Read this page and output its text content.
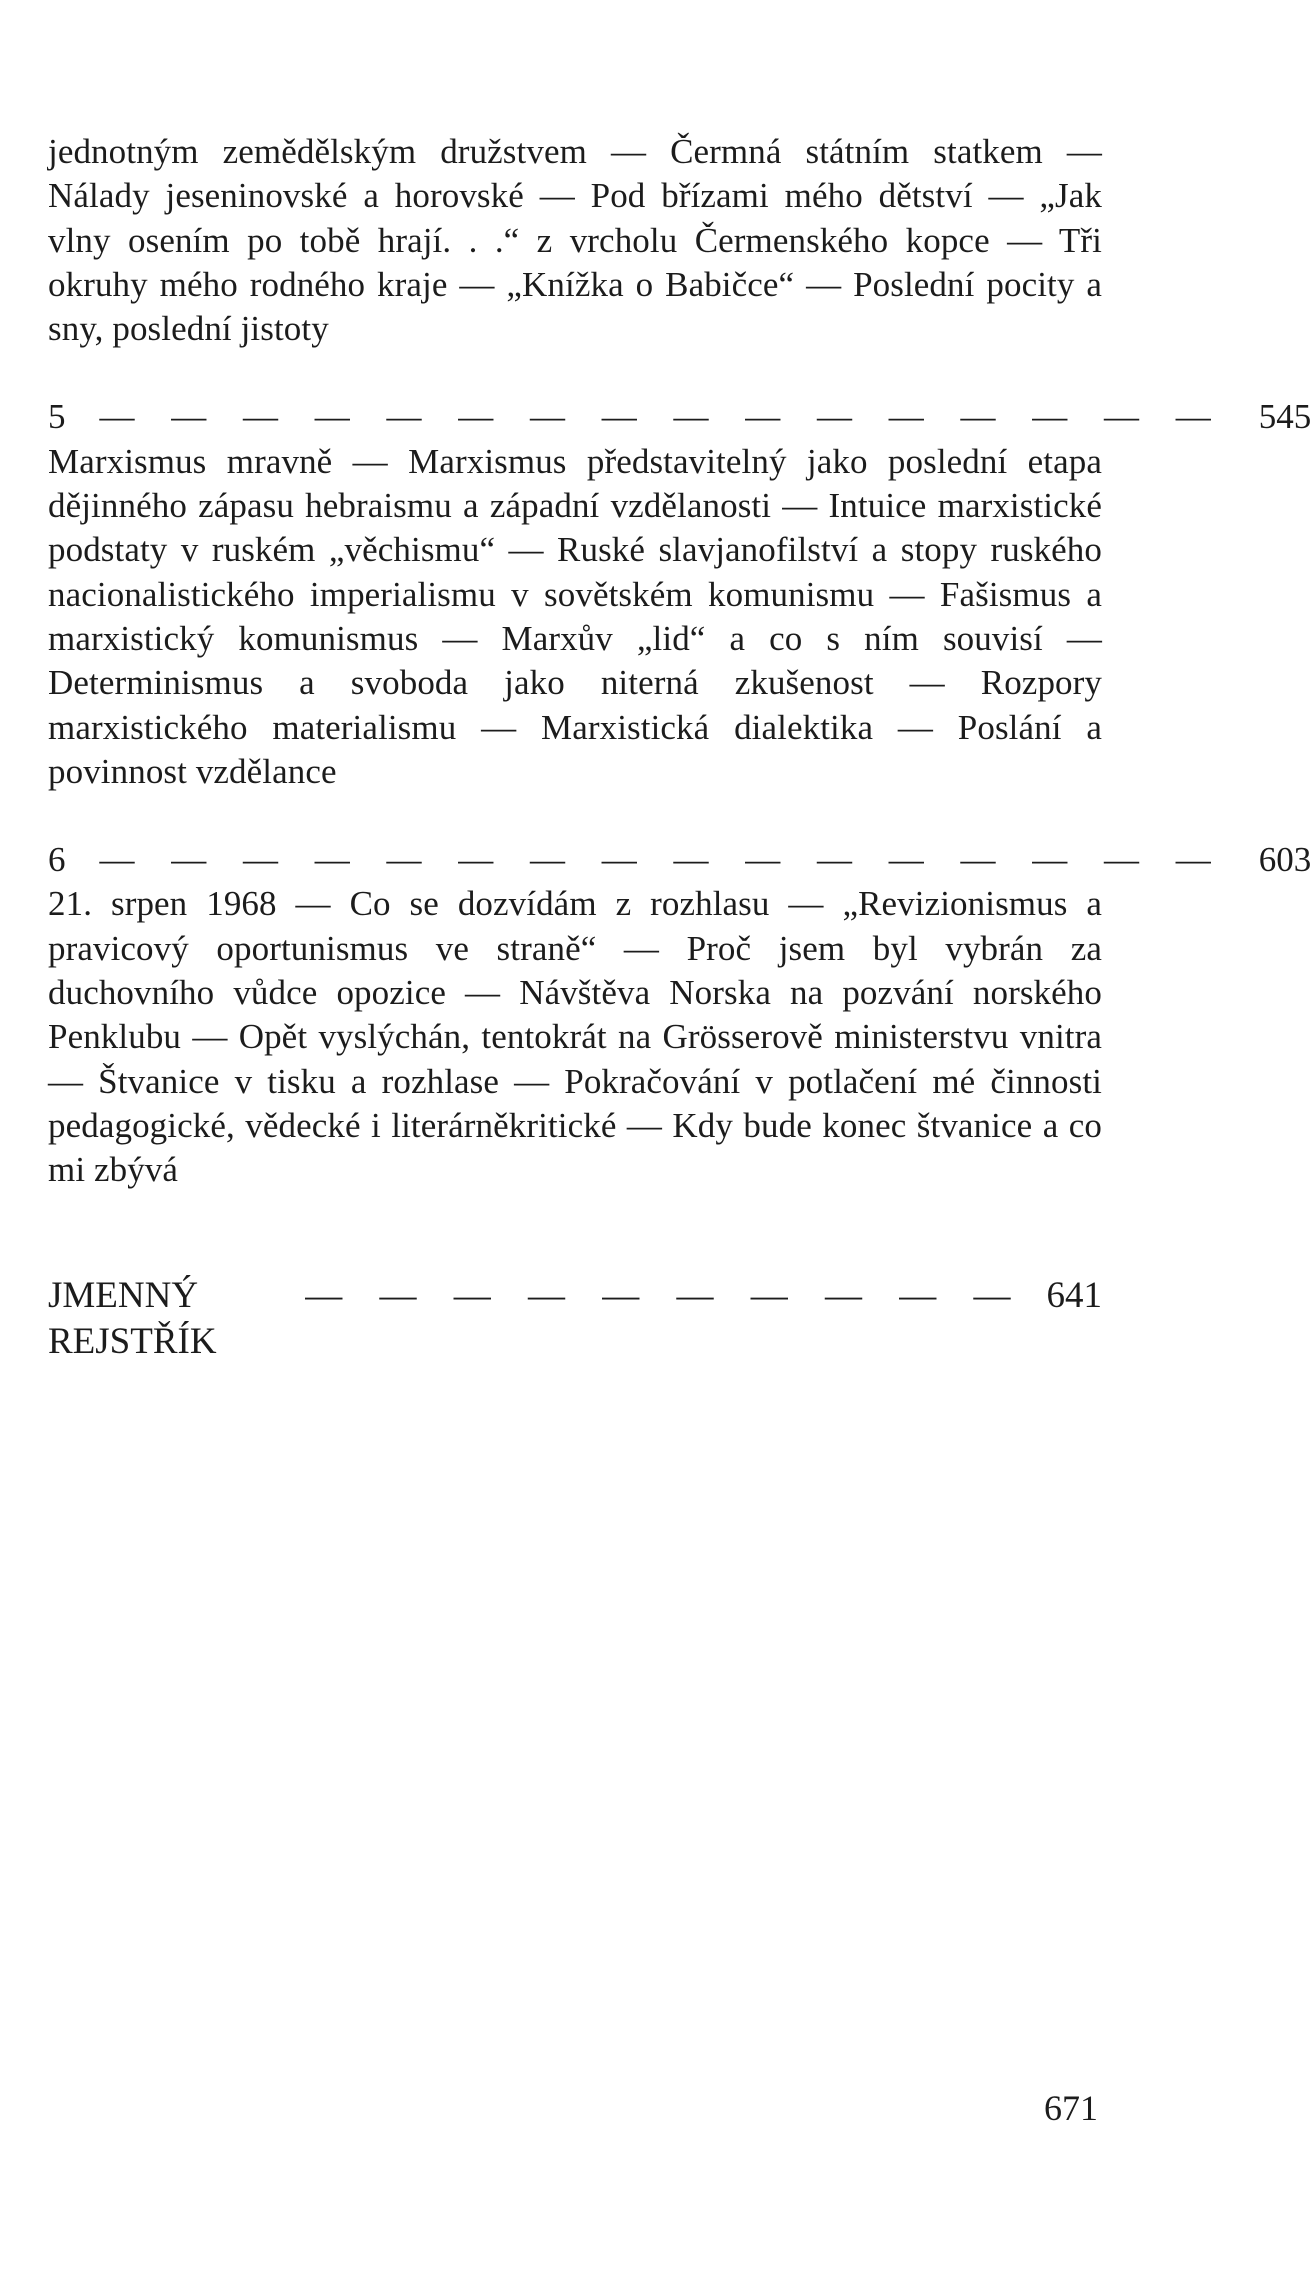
jednotným zemědělským družstvem — Čermná státním statkem — Nálady jeseninovské a horovské — Pod břízami mého dětství — „Jak vlny osením po tobě hrají. . .“ z vrcholu Čermenského kopce — Tři okruhy mého rodného kraje — „Knížka o Babičce“ — Poslední pocity a sny, poslední jistoty

5 — — — — — — — — — — — — — — — — 545

Marxismus mravně — Marxismus představitelný jako poslední etapa dějinného zápasu hebraismu a západní vzdělanosti — Intuice marxistické podstaty v ruském „věchismu“ — Ruské slavjanofilství a stopy ruského nacionalistického imperialismu v sovětském komunismu — Fašismus a marxistický komunismus — Marxův „lid“ a co s ním souvisí — Determinismus a svoboda jako niterná zkušenost — Rozpory marxistického materialismu — Marxistická dialektika — Poslání a povinnost vzdělance

6 — — — — — — — — — — — — — — — — 603

21. srpen 1968 — Co se dozvídám z rozhlasu — „Revizionismus a pravicový oportunismus ve straně“ — Proč jsem byl vybrán za duchovního vůdce opozice — Návštěva Norska na pozvání norského Penklubu — Opět vyslýchán, tentokrát na Grösserově ministerstvu vnitra — Štvanice v tisku a rozhlase — Pokračování v potlačení mé činnosti pedagogické, vědecké i literárněkritické — Kdy bude konec štvanice a co mi zbývá

JMENNÝ REJSTŘÍK
— — — — — — — — — — 641
671
